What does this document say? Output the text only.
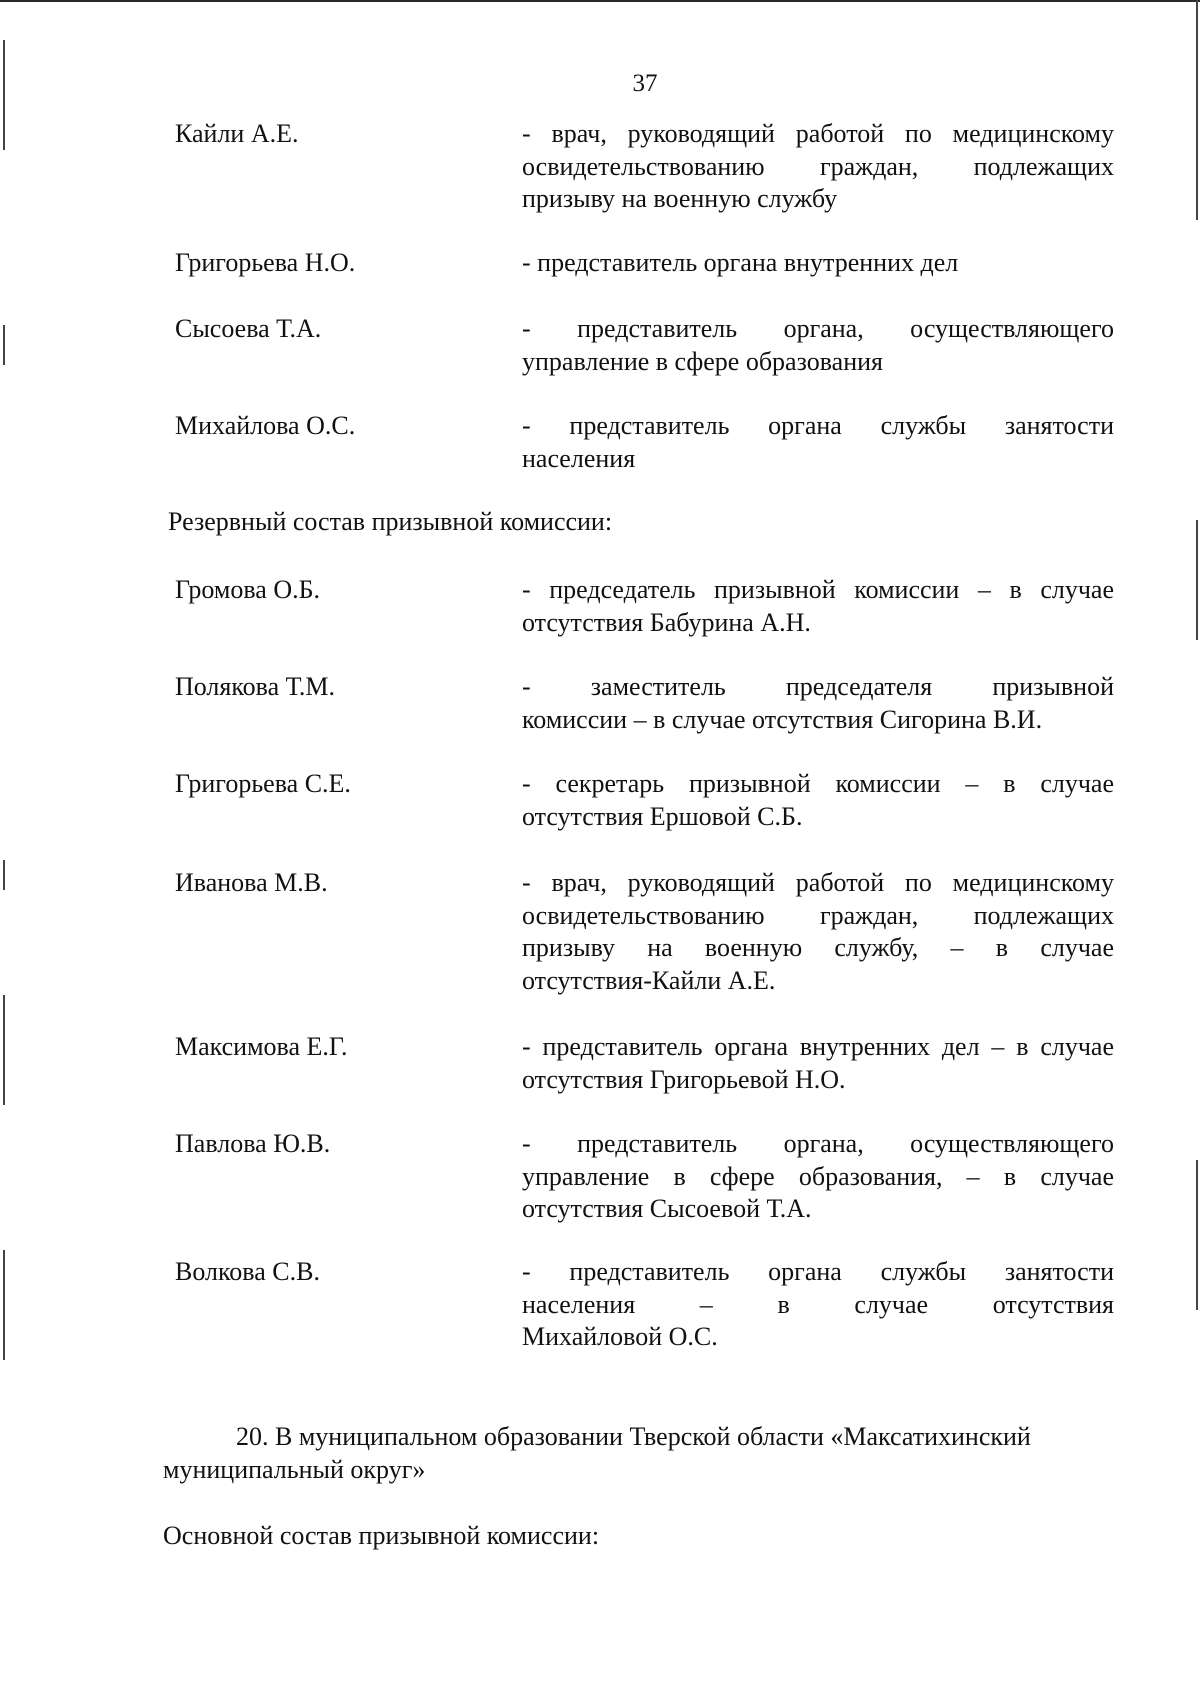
37
Кайли А.Е.	- врач, руководящий работой по медицинскому
освидетельствованию граждан, подлежащих
призыву на военную службу
Григорьева Н.О.	- представитель органа внутренних дел
Сысоева Т.А.	- представитель органа, осуществляющего
управление в сфере образования
Михайлова О.С.	- представитель органа службы занятости
населения
Резервный состав призывной комиссии:
Громова О.Б.	- председатель призывной комиссии – в случае
отсутствия Бабурина А.Н.
Полякова Т.М.	- заместитель председателя призывной
комиссии – в случае отсутствия Сигорина В.И.
Григорьева С.Е.	- секретарь призывной комиссии – в случае
отсутствия Ершовой С.Б.
Иванова М.В.	- врач, руководящий работой по медицинскому
освидетельствованию граждан, подлежащих
призыву на военную службу, – в случае
отсутствия-Кайли А.Е.
Максимова Е.Г.	- представитель органа внутренних дел – в случае
отсутствия Григорьевой Н.О.
Павлова Ю.В.	- представитель органа, осуществляющего
управление в сфере образования, – в случае
отсутствия Сысоевой Т.А.
Волкова С.В.	- представитель органа службы занятости
населения – в случае отсутствия
Михайловой О.С.
20. В муниципальном образовании Тверской области «Максатихинский
муниципальный округ»
Основной состав призывной комиссии:
